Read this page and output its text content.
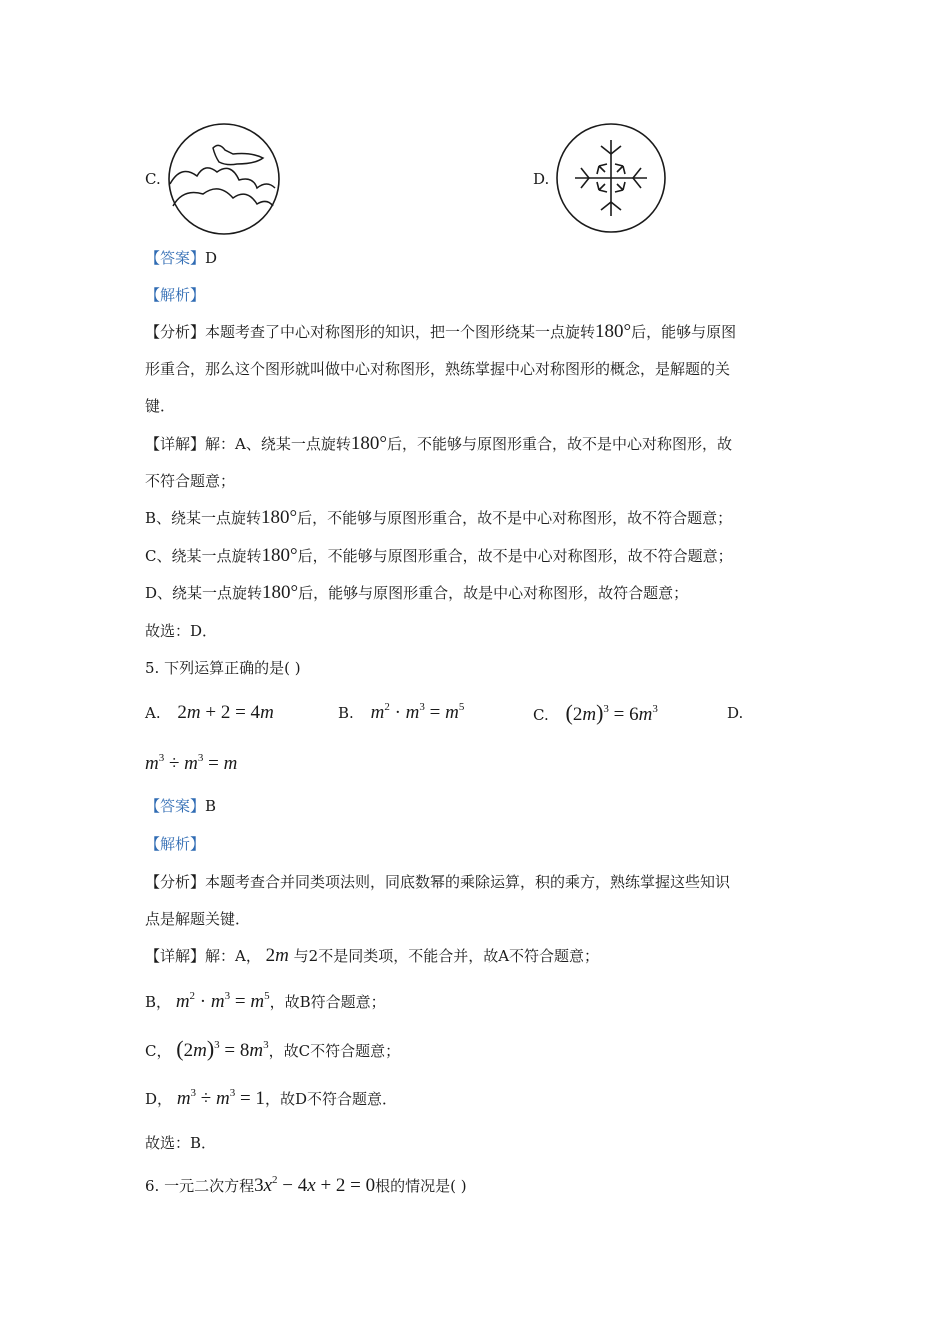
C.	D.
【答案】D
【解析】
【分析】本题考查了中心对称图形的知识，把一个图形绕某一点旋转180°后，能够与原图
形重合，那么这个图形就叫做中心对称图形，熟练掌握中心对称图形的概念，是解题的关
键．
【详解】解：A、绕某一点旋转180°后，不能够与原图形重合，故不是中心对称图形，故
不符合题意；
B、绕某一点旋转180°后，不能够与原图形重合，故不是中心对称图形，故不符合题意；
C、绕某一点旋转180°后，不能够与原图形重合，故不是中心对称图形，故不符合题意；
D、绕某一点旋转180°后，能够与原图形重合，故是中心对称图形，故符合题意；
故选：D．
5. 下列运算正确的是( )
A. 2m + 2 = 4m	B. $m^2 \cdot m^3 = m^5$	C. $(2m)^3 = 6m^3$	D.
$m^3 \div m^3 = m$
【答案】B
【解析】
【分析】本题考查合并同类项法则，同底数幂的乘除运算，积的乘方，熟练掌握这些知识
点是解题关键．
【详解】解：A， 2m 与2不是同类项，不能合并，故A不符合题意；
B， $m^2 \cdot m^3 = m^5$，故B符合题意；
C， $(2m)^3 = 8m^3$，故C不符合题意；
D， $m^3 \div m^3 = 1$，故D不符合题意．
故选：B．
6. 一元二次方程$3x^2 - 4x + 2 = 0$根的情况是( )
